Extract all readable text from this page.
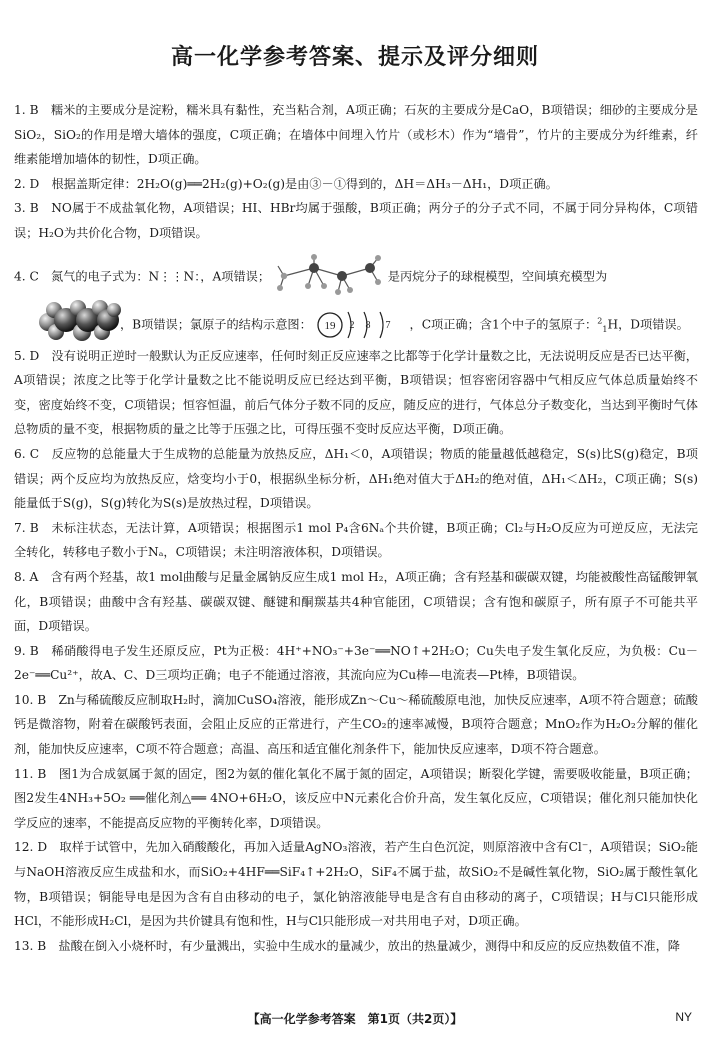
高一化学参考答案、提示及评分细则
1. B　糯米的主要成分是淀粉，糯米具有黏性，充当粘合剂，A项正确；石灰的主要成分是CaO，B项错误；细砂的主要成分是SiO₂，SiO₂的作用是增大墙体的强度，C项正确；在墙体中间埋入竹片（或杉木）作为“墙骨”，竹片的主要成分为纤维素，纤维素能增加墙体的韧性，D项正确。
2. D　根据盖斯定律：2H₂O(g)══2H₂(g)+O₂(g)是由③－①得到的，ΔH＝ΔH₃－ΔH₁，D项正确。
3. B　NO属于不成盐氧化物，A项错误；HI、HBr均属于强酸，B项正确；两分子的分子式不同，不属于同分异构体，C项错误；H₂O为共价化合物，D项错误。
4. C　氮气的电子式为：N⋮⋮N：，A项错误；	是丙烷分子的球棍模型，空间填充模型为
，B项错误；氯原子的结构示意图： 19 2 8 7 ，C项正确；含1个中子的氢原子：$^2_1$H，D项错误。
5. D　没有说明正逆时一般默认为正反应速率，任何时刻正反应速率之比都等于化学计量数之比，无法说明反应是否已达平衡，A项错误；浓度之比等于化学计量数之比不能说明反应已经达到平衡，B项错误；恒容密闭容器中气相反应气体总质量始终不变，密度始终不变，C项错误；恒容恒温，前后气体分子数不同的反应，随反应的进行，气体总分子数变化，当达到平衡时气体总物质的量不变，根据物质的量之比等于压强之比，可得压强不变时反应达平衡，D项正确。
6. C　反应物的总能量大于生成物的总能量为放热反应，ΔH₁＜0，A项错误；物质的能量越低越稳定，S(s)比S(g)稳定，B项错误；两个反应均为放热反应，焓变均小于0，根据纵坐标分析，ΔH₁绝对值大于ΔH₂的绝对值，ΔH₁＜ΔH₂，C项正确；S(s)能量低于S(g)，S(g)转化为S(s)是放热过程，D项错误。
7. B　未标注状态，无法计算，A项错误；根据图示1 mol P₄含6Nₐ个共价键，B项正确；Cl₂与H₂O反应为可逆反应，无法完全转化，转移电子数小于Nₐ，C项错误；未注明溶液体积，D项错误。
8. A　含有两个羟基，故1 mol曲酸与足量金属钠反应生成1 mol H₂，A项正确；含有羟基和碳碳双键，均能被酸性高锰酸钾氧化，B项错误；曲酸中含有羟基、碳碳双键、醚键和酮羰基共4种官能团，C项错误；含有饱和碳原子，所有原子不可能共平面，D项错误。
9. B　稀硝酸得电子发生还原反应，Pt为正极：4H⁺+NO₃⁻+3e⁻══NO↑+2H₂O；Cu失电子发生氧化反应，为负极：Cu－2e⁻══Cu²⁺，故A、C、D三项均正确；电子不能通过溶液，其流向应为Cu棒—电流表—Pt棒，B项错误。
10. B　Zn与稀硫酸反应制取H₂时，滴加CuSO₄溶液，能形成Zn～Cu～稀硫酸原电池，加快反应速率，A项不符合题意；硫酸钙是微溶物，附着在碳酸钙表面，会阻止反应的正常进行，产生CO₂的速率减慢，B项符合题意；MnO₂作为H₂O₂分解的催化剂，能加快反应速率，C项不符合题意；高温、高压和适宜催化剂条件下，能加快反应速率，D项不符合题意。
11. B　图1为合成氨属于氮的固定，图2为氨的催化氧化不属于氮的固定，A项错误；断裂化学键，需要吸收能量，B项正确；图2发生4NH₃+5O₂ ══催化剂△══ 4NO+6H₂O，该反应中N元素化合价升高，发生氧化反应，C项错误；催化剂只能加快化学反应的速率，不能提高反应物的平衡转化率，D项错误。
12. D　取样于试管中，先加入硝酸酸化，再加入适量AgNO₃溶液，若产生白色沉淀，则原溶液中含有Cl⁻，A项错误；SiO₂能与NaOH溶液反应生成盐和水，而SiO₂+4HF══SiF₄↑+2H₂O，SiF₄不属于盐，故SiO₂不是碱性氧化物，SiO₂属于酸性氧化物，B项错误；铜能导电是因为含有自由移动的电子，氯化钠溶液能导电是含有自由移动的离子，C项错误；H与Cl只能形成HCl，不能形成H₂Cl，是因为共价键具有饱和性，H与Cl只能形成一对共用电子对，D项正确。
13. B　盐酸在倒入小烧杯时，有少量溅出，实验中生成水的量减少，放出的热量减少，测得中和反应的反应热数值不准，降
【高一化学参考答案　第1页（共2页）】	NY
